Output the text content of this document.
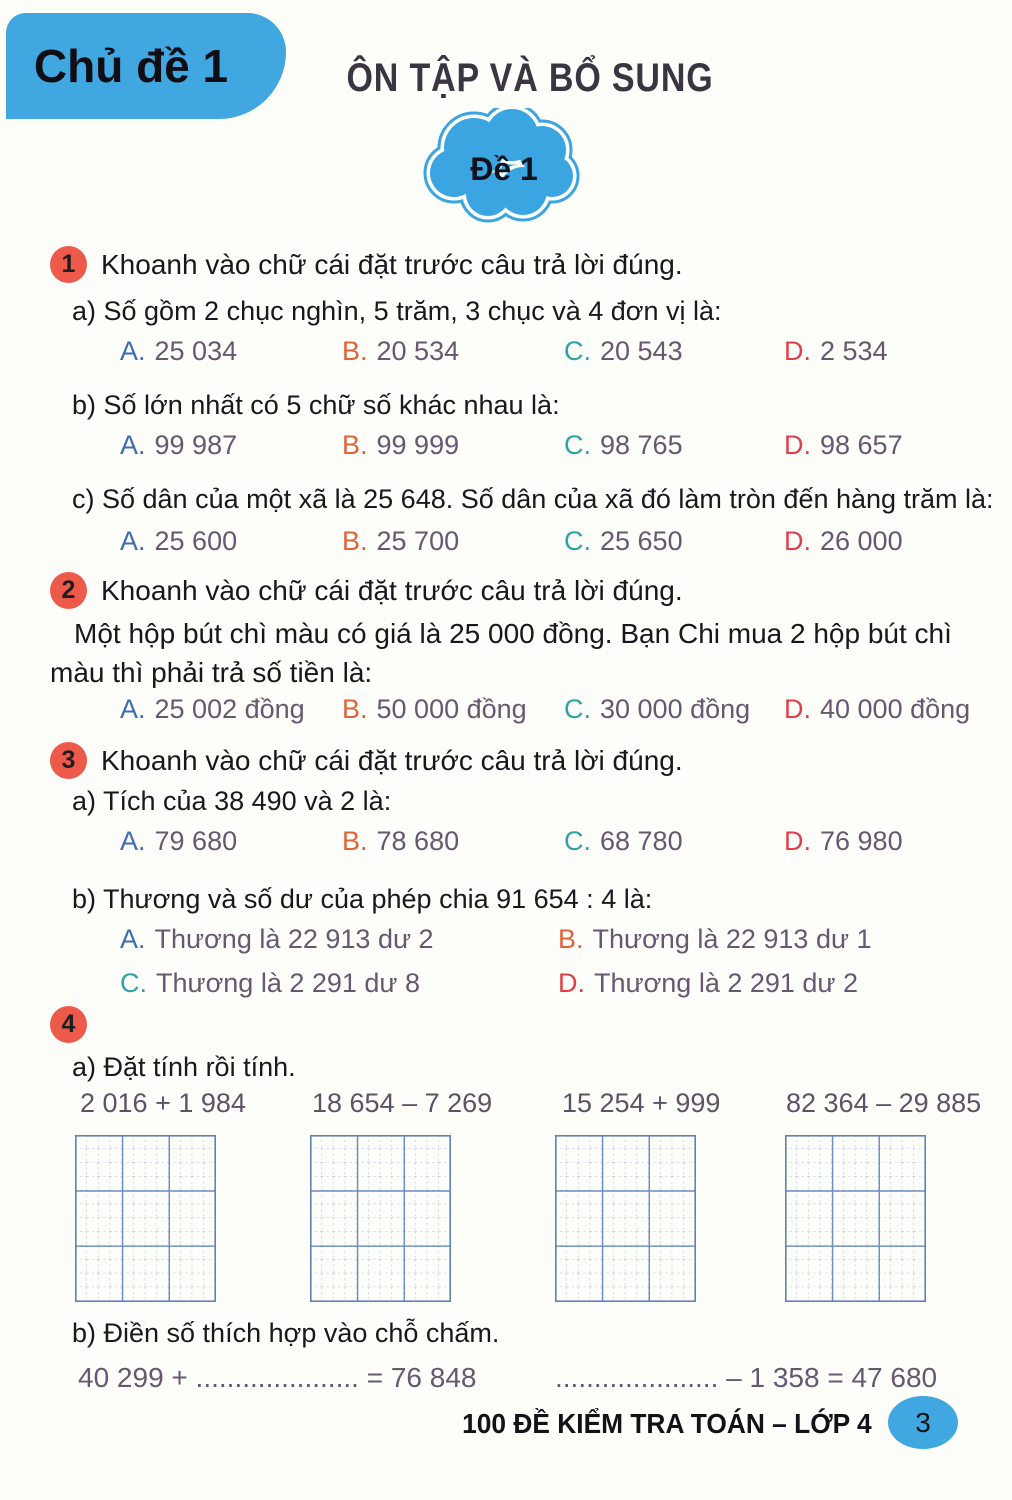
Chủ đề 1	ÔN TẬP VÀ BỔ SUNG
Đề 1
1 Khoanh vào chữ cái đặt trước câu trả lời đúng.
a) Số gồm 2 chục nghìn, 5 trăm, 3 chục và 4 đơn vị là:
A. 25 034	B. 20 534	C. 20 543	D. 2 534
b) Số lớn nhất có 5 chữ số khác nhau là:
A. 99 987	B. 99 999	C. 98 765	D. 98 657
c) Số dân của một xã là 25 648. Số dân của xã đó làm tròn đến hàng trăm là:
A. 25 600	B. 25 700	C. 25 650	D. 26 000
2 Khoanh vào chữ cái đặt trước câu trả lời đúng.
Một hộp bút chì màu có giá là 25 000 đồng. Bạn Chi mua 2 hộp bút chì màu thì phải trả số tiền là:
A. 25 002 đồng	B. 50 000 đồng	C. 30 000 đồng	D. 40 000 đồng
3 Khoanh vào chữ cái đặt trước câu trả lời đúng.
a) Tích của 38 490 và 2 là:
A. 79 680	B. 78 680	C. 68 780	D. 76 980
b) Thương và số dư của phép chia 91 654 : 4 là:
A. Thương là 22 913 dư 2	B. Thương là 22 913 dư 1
C. Thương là 2 291 dư 8	D. Thương là 2 291 dư 2
4
a) Đặt tính rồi tính.
2 016 + 1 984 18 654 – 7 269	15 254 + 999 82 364 – 29 885
b) Điền số thích hợp vào chỗ chấm.
40 299 + ..................... = 76 848	..................... – 1 358 = 47 680
100 ĐỀ KIỂM TRA TOÁN – LỚP 4 3
